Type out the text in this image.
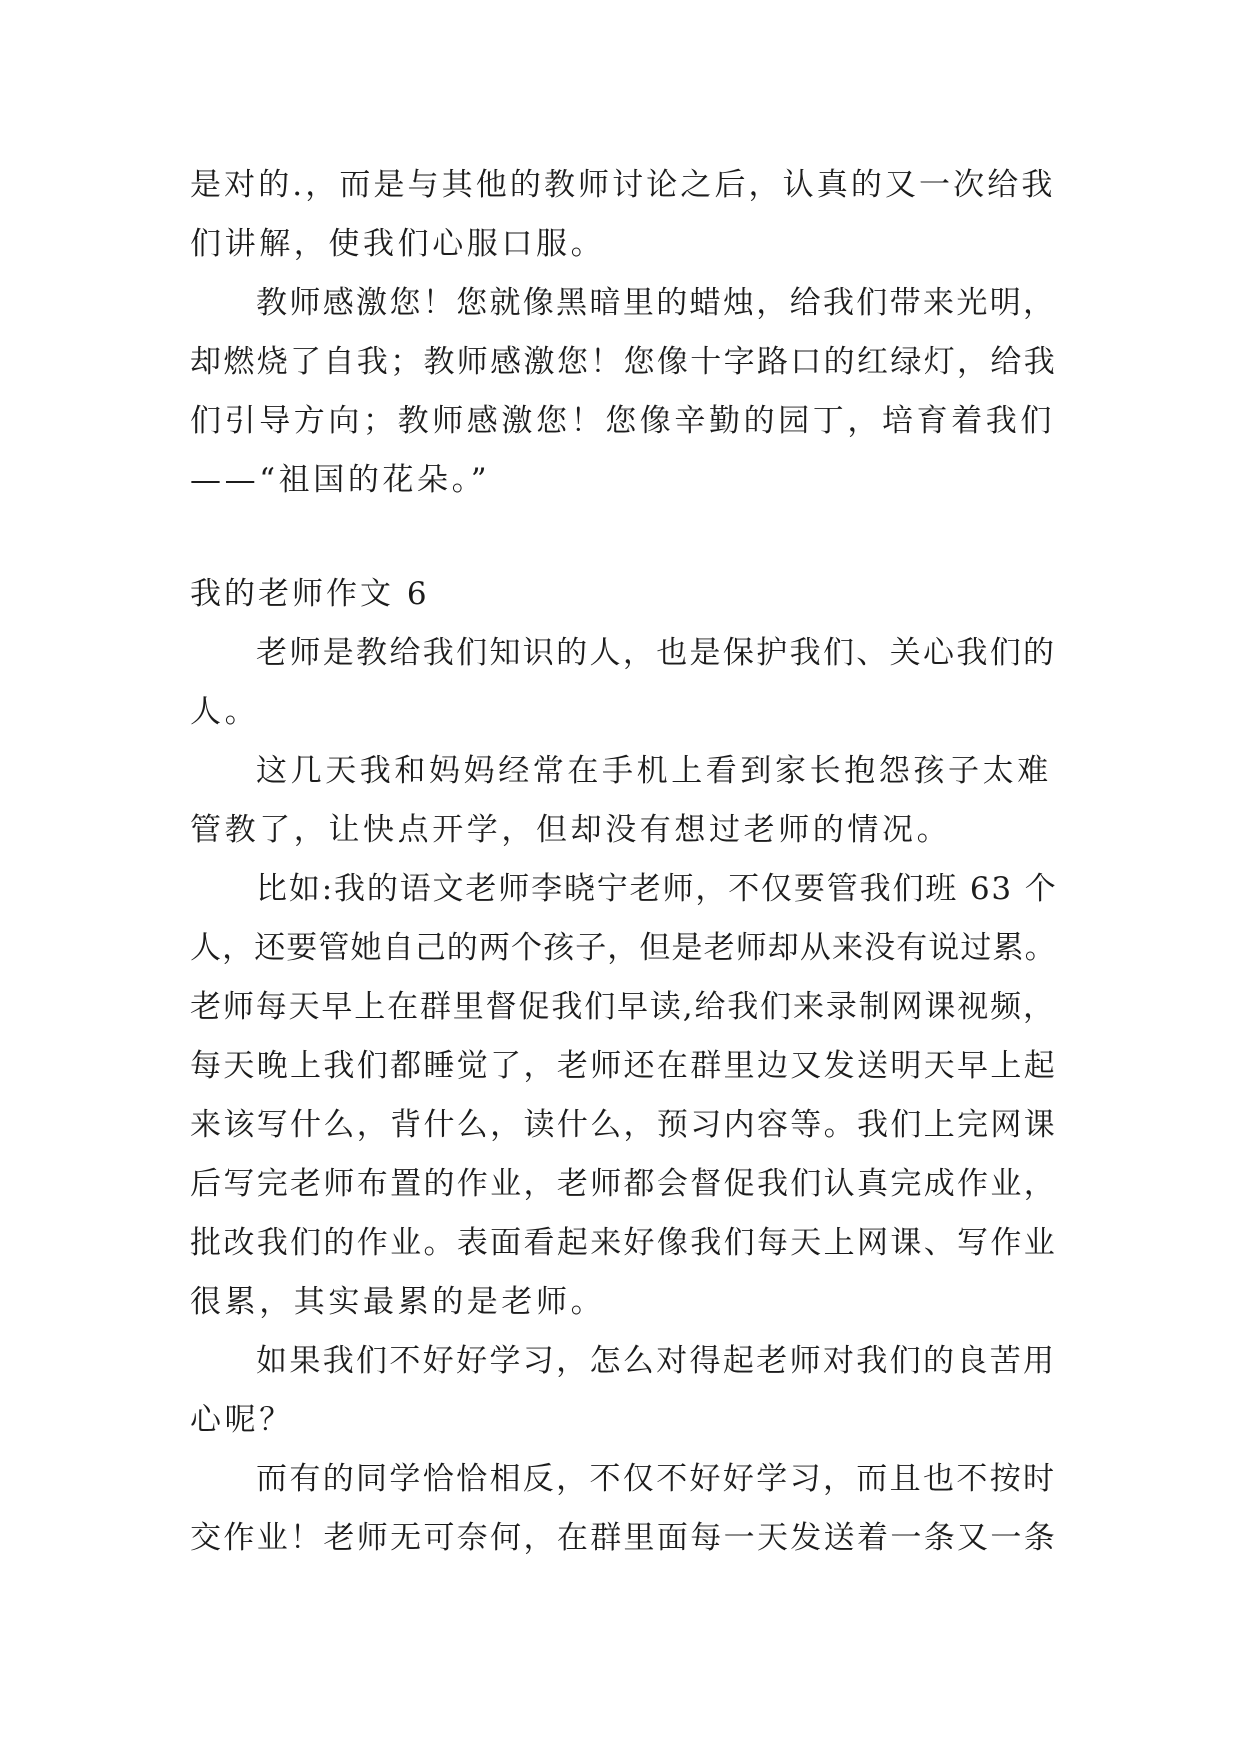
是对的.，而是与其他的教师讨论之后，认真的又一次给我
们讲解，使我们心服口服。
教师感激您！您就像黑暗里的蜡烛，给我们带来光明，
却燃烧了自我；教师感激您！您像十字路口的红绿灯，给我
们引导方向；教师感激您！您像辛勤的园丁，培育着我们
——“祖国的花朵。”
我的老师作文 6
老师是教给我们知识的人，也是保护我们、关心我们的
人。
这几天我和妈妈经常在手机上看到家长抱怨孩子太难
管教了，让快点开学，但却没有想过老师的情况。
比如:我的语文老师李晓宁老师，不仅要管我们班 63 个
人，还要管她自己的两个孩子，但是老师却从来没有说过累。
老师每天早上在群里督促我们早读,给我们来录制网课视频，
每天晚上我们都睡觉了，老师还在群里边又发送明天早上起
来该写什么，背什么，读什么，预习内容等。我们上完网课
后写完老师布置的作业，老师都会督促我们认真完成作业，
批改我们的作业。表面看起来好像我们每天上网课、写作业
很累，其实最累的是老师。
如果我们不好好学习，怎么对得起老师对我们的良苦用
心呢？
而有的同学恰恰相反，不仅不好好学习，而且也不按时
交作业！老师无可奈何，在群里面每一天发送着一条又一条
